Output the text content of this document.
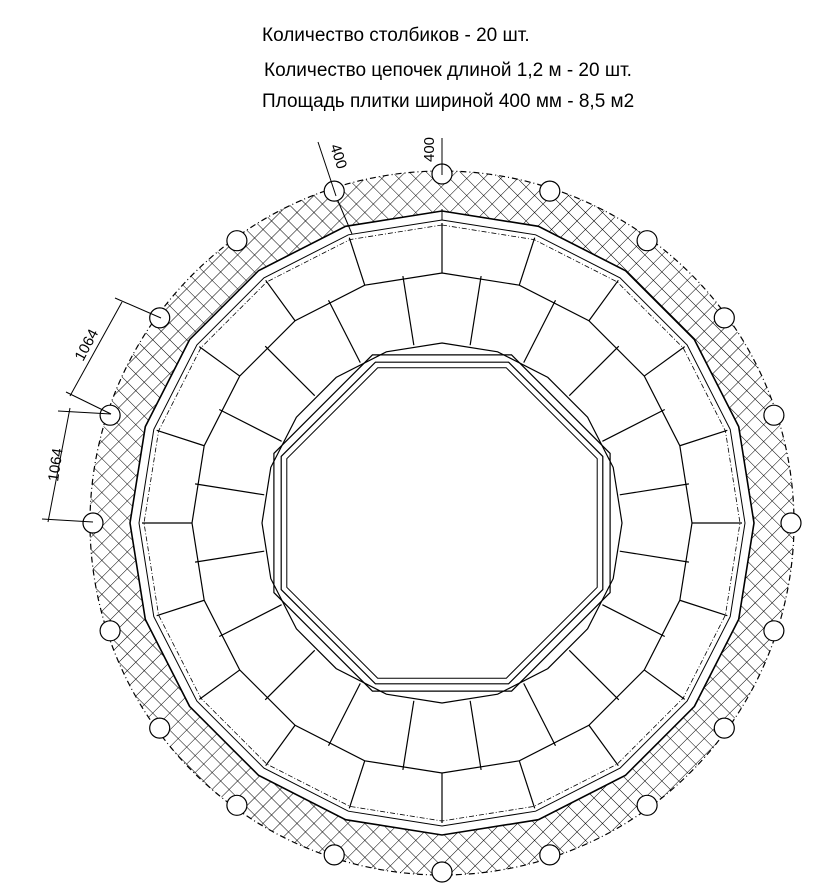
Количество столбиков - 20 шт.
Количество цепочек длиной 1,2 м - 20 шт.
Площадь плитки шириной 400 мм - 8,5 м2
1064
1064
400	400
